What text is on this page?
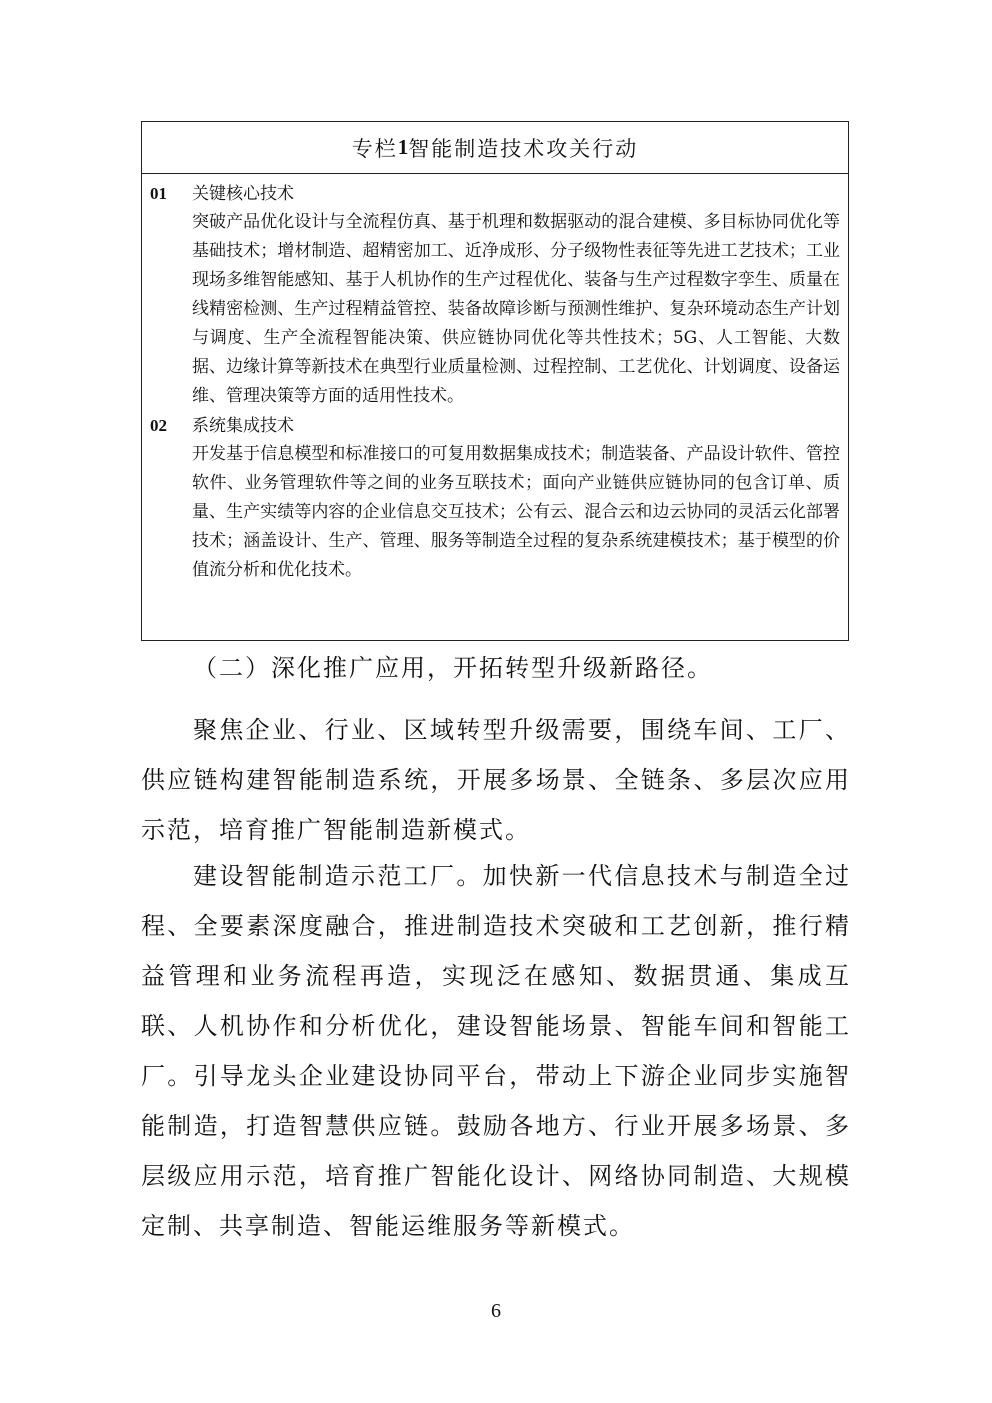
专栏 1 智能制造技术攻关行动
01	关键核心技术
突破产品优化设计与全流程仿真、基于机理和数据驱动的混合建模、多目标协同优化等基础技术；增材制造、超精密加工、近净成形、分子级物性表征等先进工艺技术；工业现场多维智能感知、基于人机协作的生产过程优化、装备与生产过程数字孪生、质量在线精密检测、生产过程精益管控、装备故障诊断与预测性维护、复杂环境动态生产计划与调度、生产全流程智能决策、供应链协同优化等共性技术；5G、人工智能、大数据、边缘计算等新技术在典型行业质量检测、过程控制、工艺优化、计划调度、设备运维、管理决策等方面的适用性技术。
02	系统集成技术
开发基于信息模型和标准接口的可复用数据集成技术；制造装备、产品设计软件、管控软件、业务管理软件等之间的业务互联技术；面向产业链供应链协同的包含订单、质量、生产实绩等内容的企业信息交互技术；公有云、混合云和边云协同的灵活云化部署技术；涵盖设计、生产、管理、服务等制造全过程的复杂系统建模技术；基于模型的价值流分析和优化技术。
（二）深化推广应用，开拓转型升级新路径。

聚焦企业、行业、区域转型升级需要，围绕车间、工厂、供应链构建智能制造系统，开展多场景、全链条、多层次应用示范，培育推广智能制造新模式。

建设智能制造示范工厂。加快新一代信息技术与制造全过程、全要素深度融合，推进制造技术突破和工艺创新，推行精益管理和业务流程再造，实现泛在感知、数据贯通、集成互联、人机协作和分析优化，建设智能场景、智能车间和智能工厂。引导龙头企业建设协同平台，带动上下游企业同步实施智能制造，打造智慧供应链。鼓励各地方、行业开展多场景、多层级应用示范，培育推广智能化设计、网络协同制造、大规模定制、共享制造、智能运维服务等新模式。

6
